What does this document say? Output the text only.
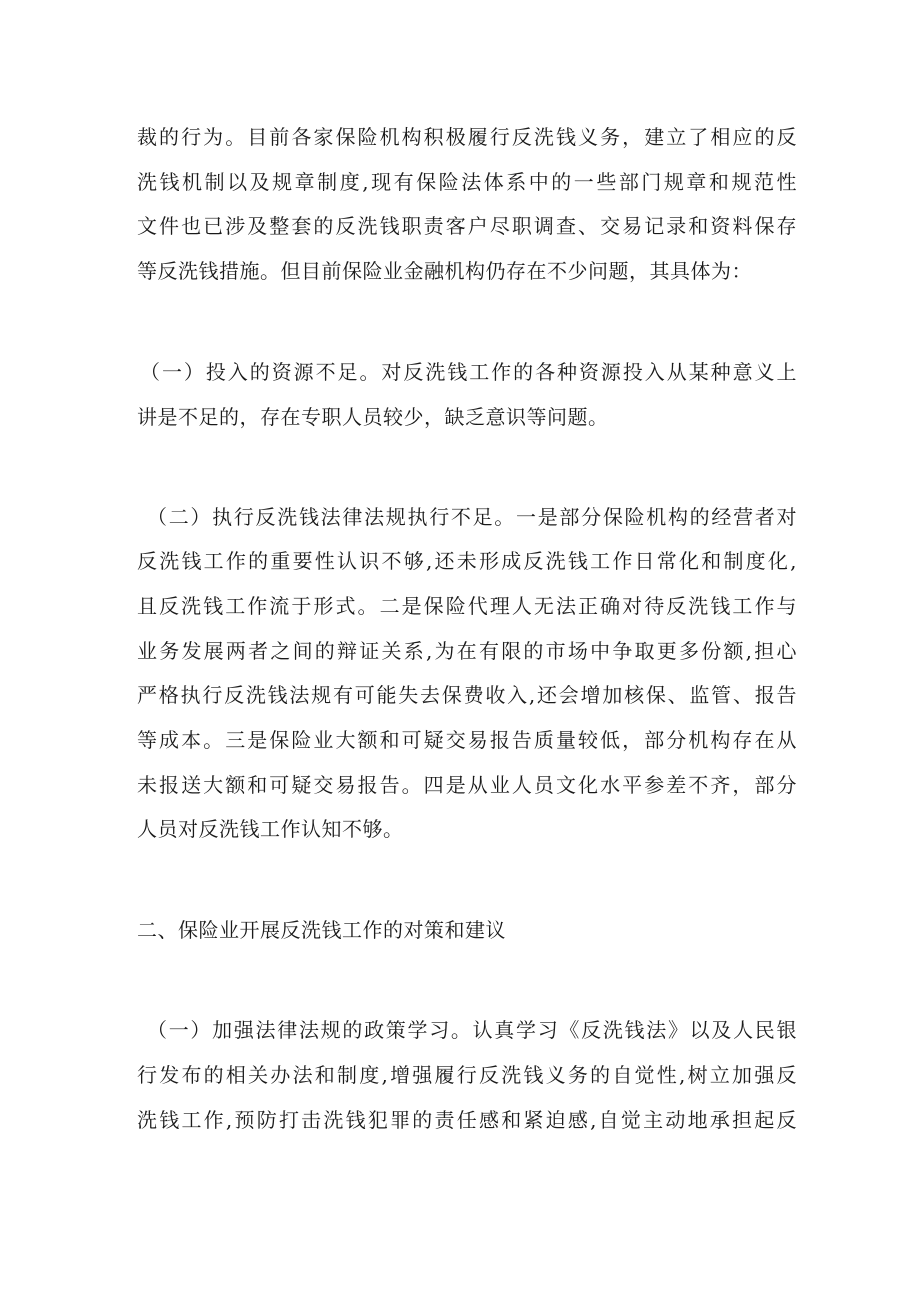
裁的行为。目前各家保险机构积极履行反洗钱义务，建立了相应的反
洗钱机制以及规章制度,现有保险法体系中的一些部门规章和规范性
文件也已涉及整套的反洗钱职责客户尽职调查、交易记录和资料保存
等反洗钱措施。但目前保险业金融机构仍存在不少问题，其具体为：
（一）投入的资源不足。对反洗钱工作的各种资源投入从某种意义上
讲是不足的，存在专职人员较少，缺乏意识等问题。
（二）执行反洗钱法律法规执行不足。一是部分保险机构的经营者对
反洗钱工作的重要性认识不够,还未形成反洗钱工作日常化和制度化,
且反洗钱工作流于形式。二是保险代理人无法正确对待反洗钱工作与
业务发展两者之间的辩证关系,为在有限的市场中争取更多份额,担心
严格执行反洗钱法规有可能失去保费收入,还会增加核保、监管、报告
等成本。三是保险业大额和可疑交易报告质量较低，部分机构存在从
未报送大额和可疑交易报告。四是从业人员文化水平参差不齐，部分
人员对反洗钱工作认知不够。
二、保险业开展反洗钱工作的对策和建议
（一）加强法律法规的政策学习。认真学习《反洗钱法》以及人民银
行发布的相关办法和制度,增强履行反洗钱义务的自觉性,树立加强反
洗钱工作,预防打击洗钱犯罪的责任感和紧迫感,自觉主动地承担起反
